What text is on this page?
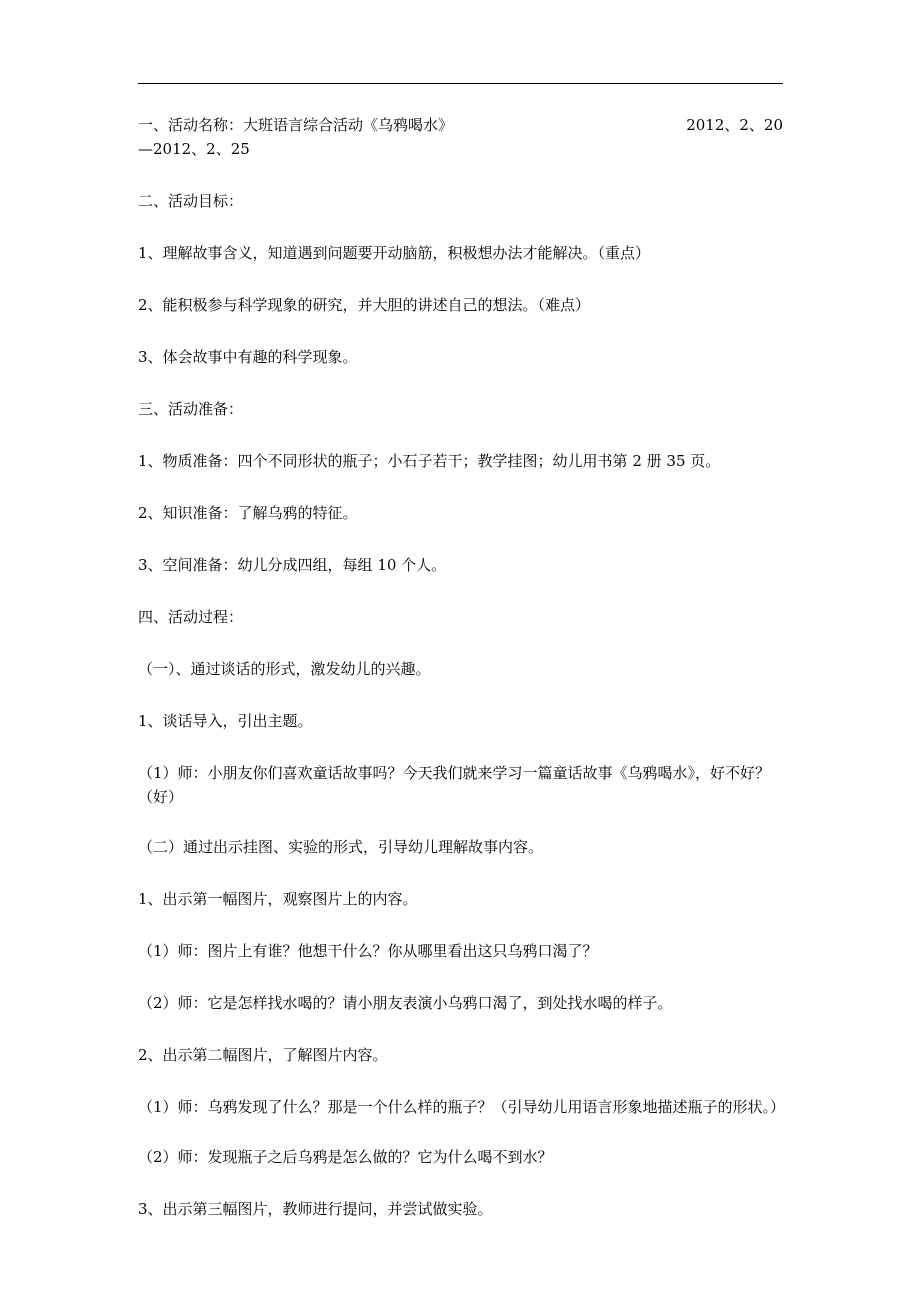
一、活动名称：大班语言综合活动《乌鸦喝水》	2012、2、20
—2012、2、25
二、活动目标：
1、理解故事含义，知道遇到问题要开动脑筋，积极想办法才能解决。（重点）
2、能积极参与科学现象的研究，并大胆的讲述自己的想法。（难点）
3、体会故事中有趣的科学现象。
三、活动准备：
1、物质准备：四个不同形状的瓶子；小石子若干；教学挂图；幼儿用书第 2 册 35 页。
2、知识准备：了解乌鸦的特征。
3、空间准备：幼儿分成四组，每组 10 个人。
四、活动过程：
（一）、通过谈话的形式，激发幼儿的兴趣。
1、谈话导入，引出主题。
（1）师：小朋友你们喜欢童话故事吗？今天我们就来学习一篇童话故事《乌鸦喝水》，好不好？（好）
（二）通过出示挂图、实验的形式，引导幼儿理解故事内容。
1、出示第一幅图片，观察图片上的内容。
（1）师：图片上有谁？他想干什么？你从哪里看出这只乌鸦口渴了？
（2）师：它是怎样找水喝的？请小朋友表演小乌鸦口渴了，到处找水喝的样子。
2、出示第二幅图片，了解图片内容。
（1）师：乌鸦发现了什么？那是一个什么样的瓶子？（引导幼儿用语言形象地描述瓶子的形状。）
（2）师：发现瓶子之后乌鸦是怎么做的？它为什么喝不到水？
3、出示第三幅图片，教师进行提问，并尝试做实验。
